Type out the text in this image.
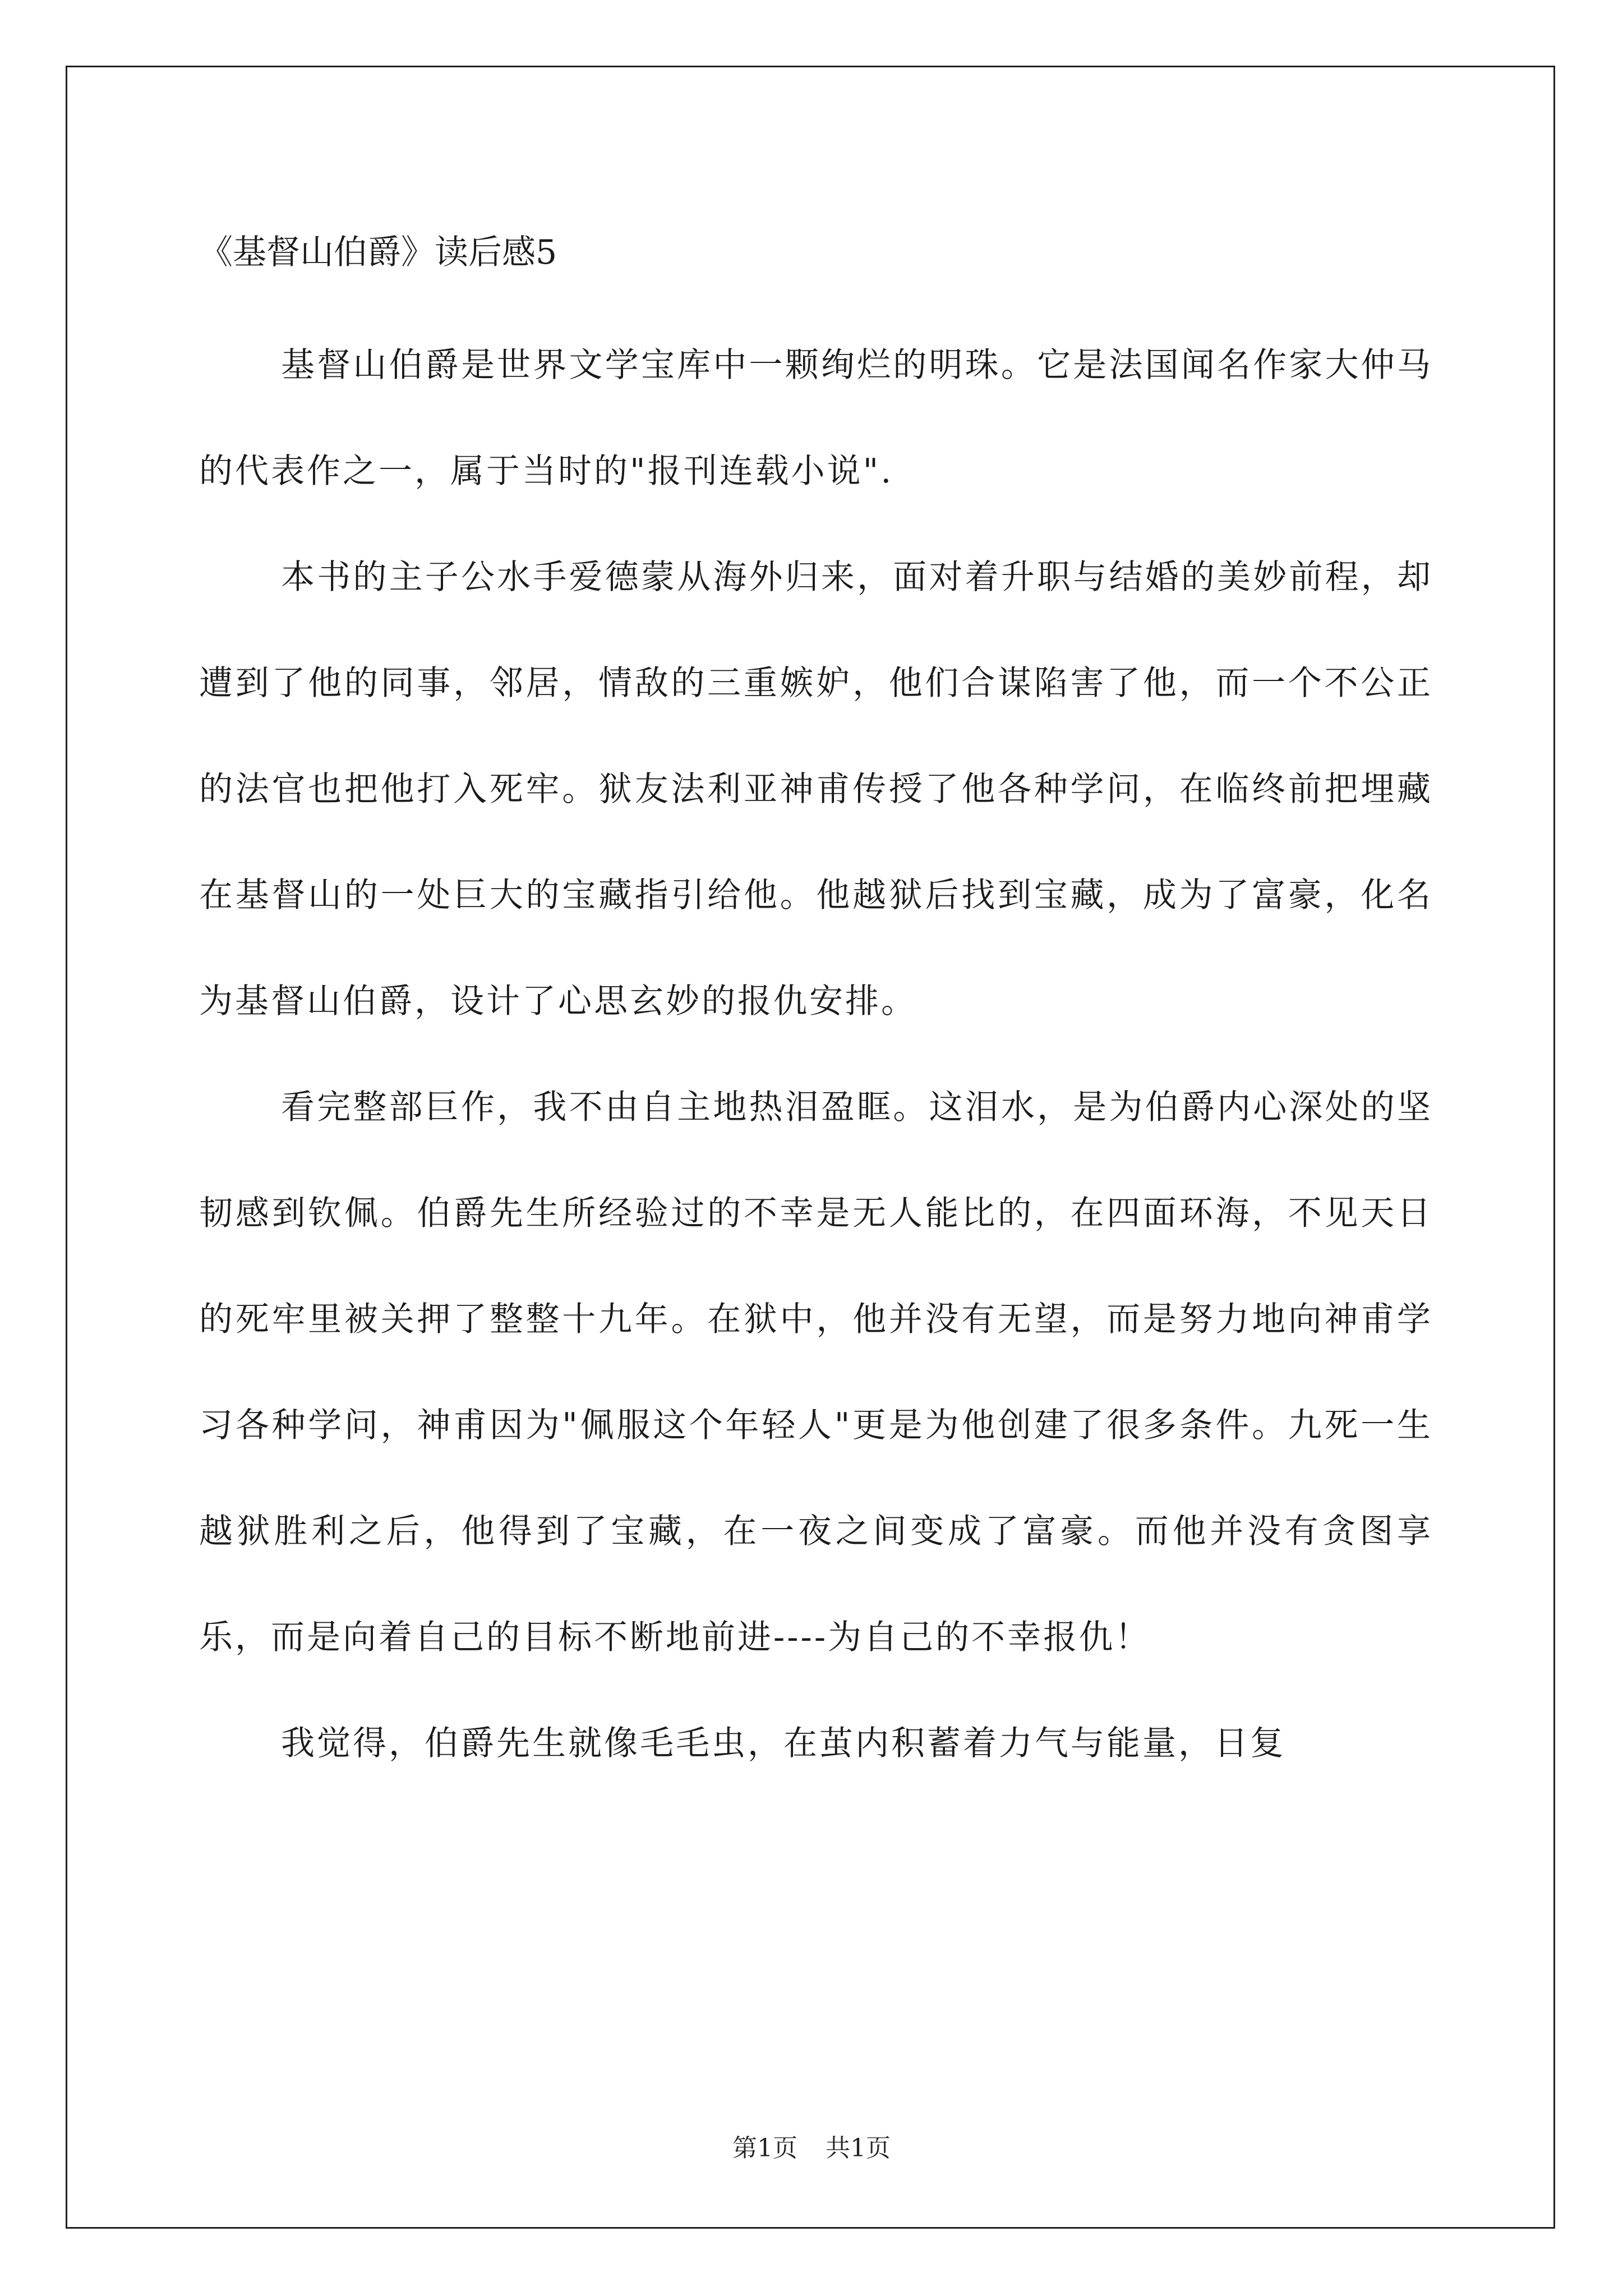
《基督山伯爵》读后感5

基督山伯爵是世界文学宝库中一颗绚烂的明珠。它是法国闻名作家大仲马的代表作之一，属于当时的"报刊连载小说".

本书的主子公水手爱德蒙从海外归来，面对着升职与结婚的美妙前程，却遭到了他的同事，邻居，情敌的三重嫉妒，他们合谋陷害了他，而一个不公正的法官也把他打入死牢。狱友法利亚神甫传授了他各种学问，在临终前把埋藏在基督山的一处巨大的宝藏指引给他。他越狱后找到宝藏，成为了富豪，化名为基督山伯爵，设计了心思玄妙的报仇安排。

看完整部巨作，我不由自主地热泪盈眶。这泪水，是为伯爵内心深处的坚韧感到钦佩。伯爵先生所经验过的不幸是无人能比的，在四面环海，不见天日的死牢里被关押了整整十九年。在狱中，他并没有无望，而是努力地向神甫学习各种学问，神甫因为"佩服这个年轻人"更是为他创建了很多条件。九死一生越狱胜利之后，他得到了宝藏，在一夜之间变成了富豪。而他并没有贪图享乐，而是向着自己的目标不断地前进----为自己的不幸报仇！

我觉得，伯爵先生就像毛毛虫，在茧内积蓄着力气与能量，日复

第1页 共1页
